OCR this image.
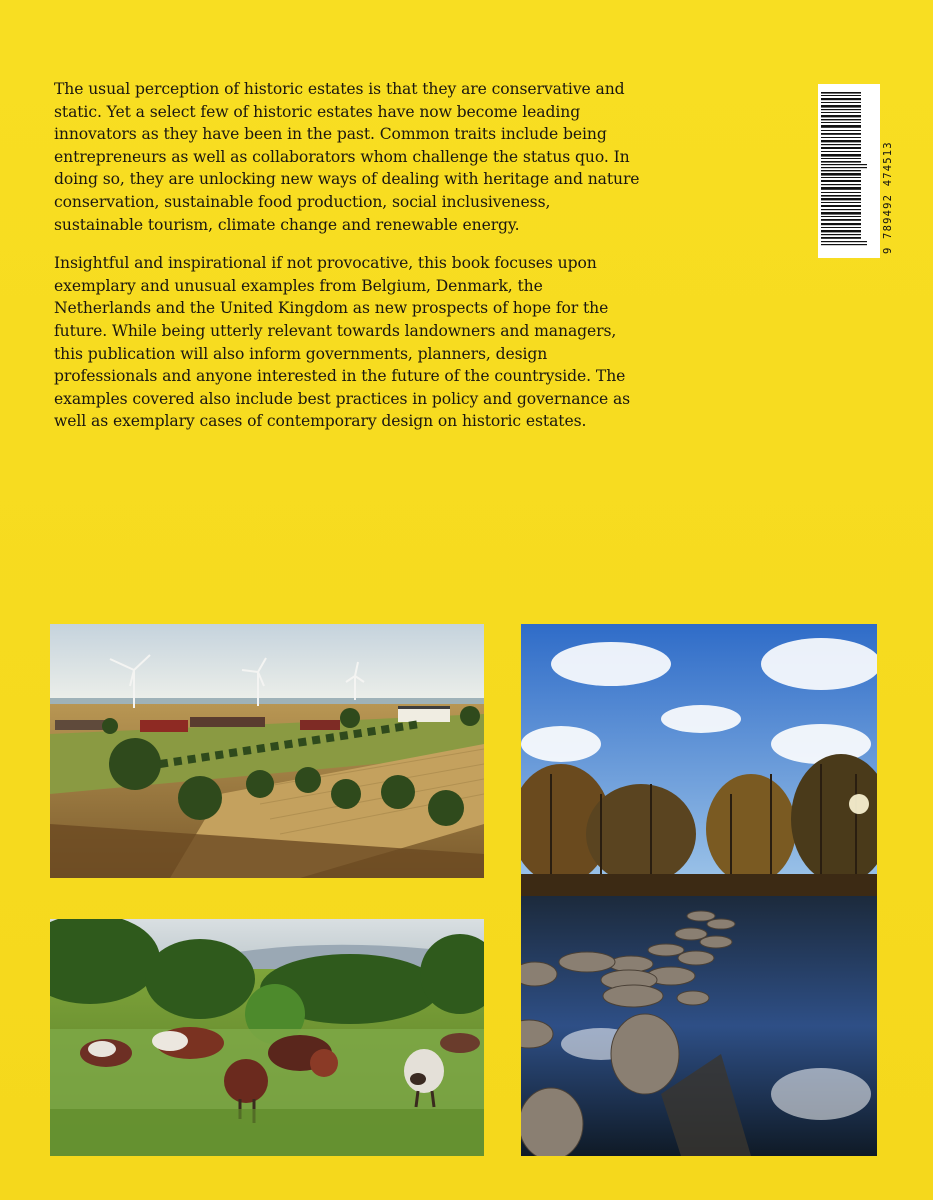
The usual perception of historic estates is that they are conservative and static. Yet a select few of historic estates have now become leading innovators as they have been in the past. Common traits include being entrepreneurs as well as collaborators whom challenge the status quo. In doing so, they are unlocking new ways of dealing with heritage and nature conservation, sustainable food production, social inclusiveness, sustainable tourism, climate change and renewable energy.

Insightful and inspirational if not provocative, this book focuses upon exemplary and unusual examples from Belgium, Denmark, the Netherlands and the United Kingdom as new prospects of hope for the future. While being utterly relevant towards landowners and managers, this publication will also inform governments, planners, design professionals and anyone interested in the future of the countryside. The examples covered also include best practices in policy and governance as well as exemplary cases of contemporary design on historic estates.

9 789492 474513
